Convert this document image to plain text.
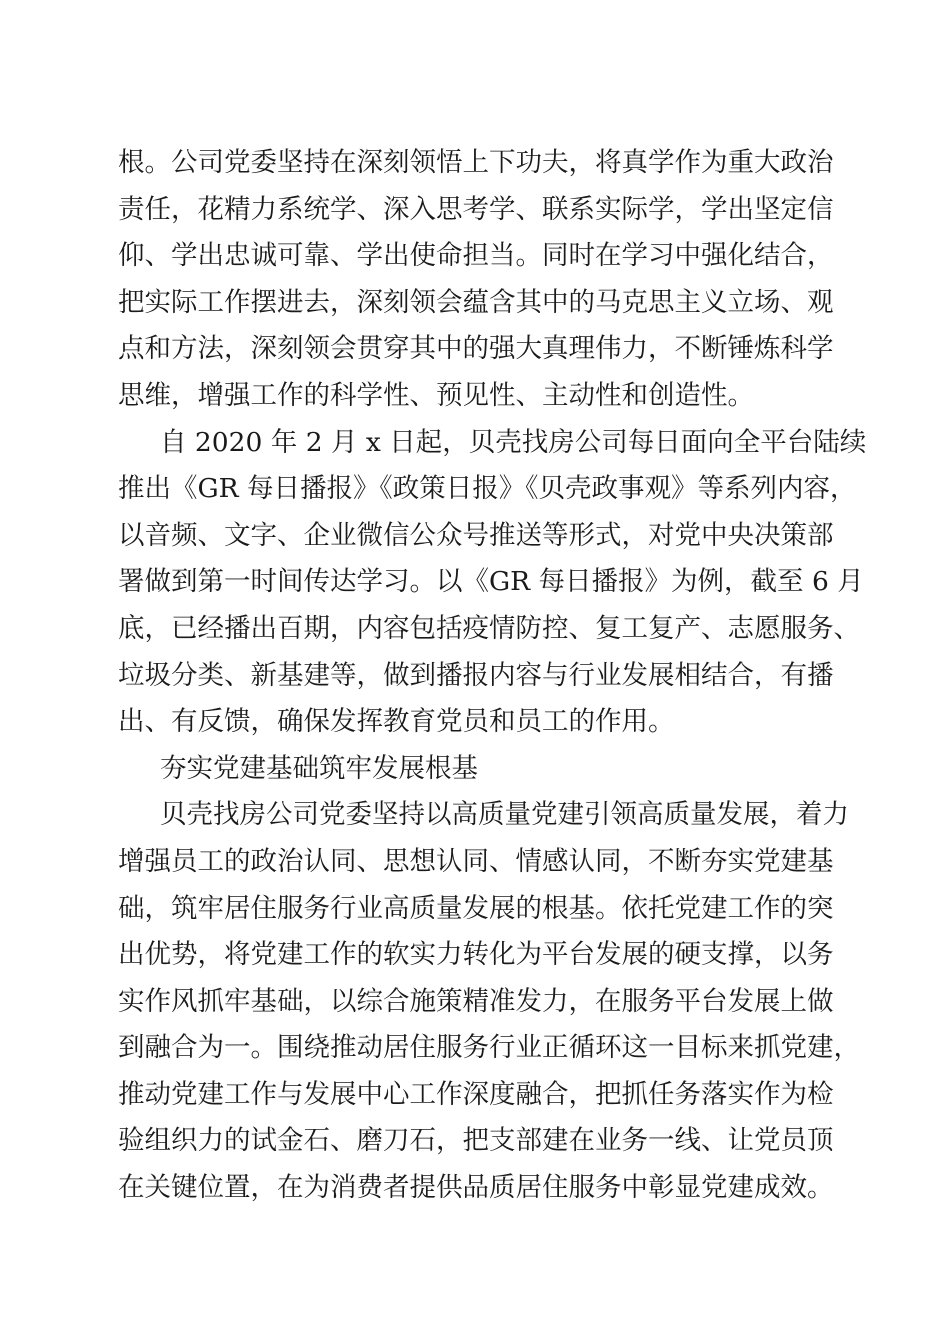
根。公司党委坚持在深刻领悟上下功夫，将真学作为重大政治
责任，花精力系统学、深入思考学、联系实际学，学出坚定信
仰、学出忠诚可靠、学出使命担当。同时在学习中强化结合，
把实际工作摆进去，深刻领会蕴含其中的马克思主义立场、观
点和方法，深刻领会贯穿其中的强大真理伟力，不断锤炼科学
思维，增强工作的科学性、预见性、主动性和创造性。
自 2020 年 2 月 x 日起，贝壳找房公司每日面向全平台陆续
推出《GR 每日播报》《政策日报》《贝壳政事观》等系列内容，
以音频、文字、企业微信公众号推送等形式，对党中央决策部
署做到第一时间传达学习。以《GR 每日播报》为例，截至 6 月
底，已经播出百期，内容包括疫情防控、复工复产、志愿服务、
垃圾分类、新基建等，做到播报内容与行业发展相结合，有播
出、有反馈，确保发挥教育党员和员工的作用。
夯实党建基础筑牢发展根基
贝壳找房公司党委坚持以高质量党建引领高质量发展，着力
增强员工的政治认同、思想认同、情感认同，不断夯实党建基
础，筑牢居住服务行业高质量发展的根基。依托党建工作的突
出优势，将党建工作的软实力转化为平台发展的硬支撑，以务
实作风抓牢基础，以综合施策精准发力，在服务平台发展上做
到融合为一。围绕推动居住服务行业正循环这一目标来抓党建，
推动党建工作与发展中心工作深度融合，把抓任务落实作为检
验组织力的试金石、磨刀石，把支部建在业务一线、让党员顶
在关键位置，在为消费者提供品质居住服务中彰显党建成效。
